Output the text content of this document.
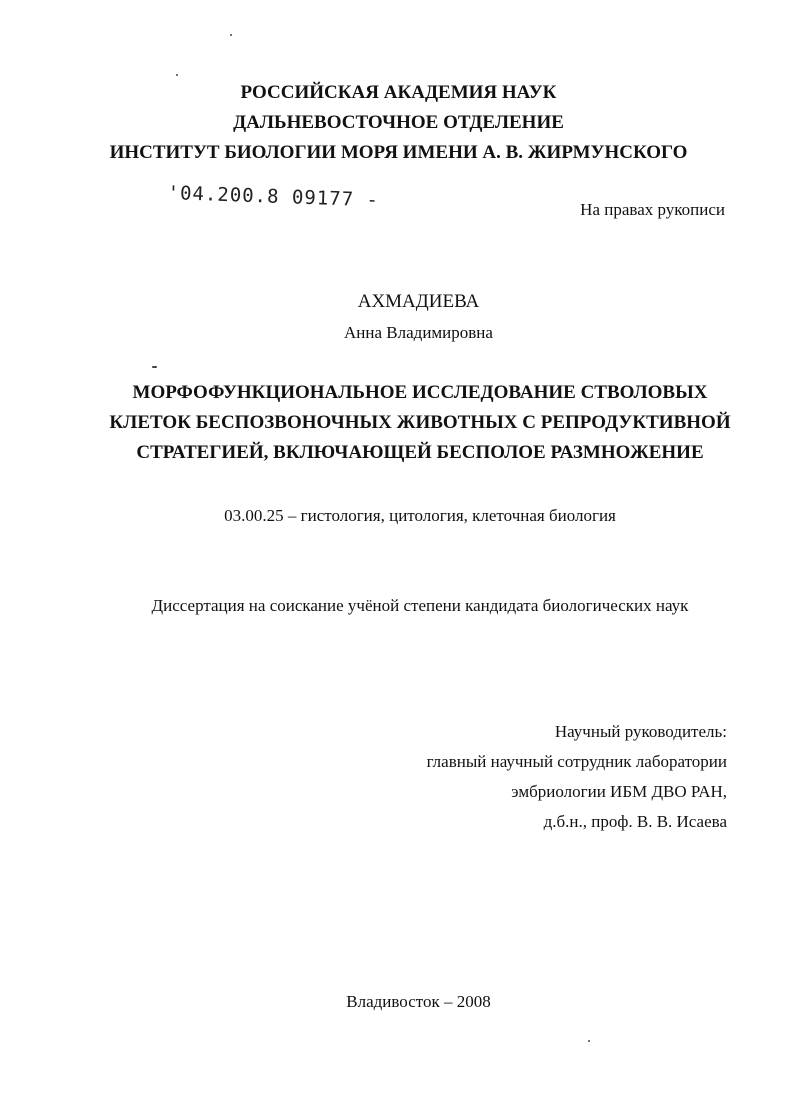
РОССИЙСКАЯ АКАДЕМИЯ НАУК
ДАЛЬНЕВОСТОЧНОЕ ОТДЕЛЕНИЕ
ИНСТИТУТ БИОЛОГИИ МОРЯ ИМЕНИ А. В. ЖИРМУНСКОГО
'04.200.8 09177 -	На правах рукописи
АХМАДИЕВА
Анна Владимировна
МОРФОФУНКЦИОНАЛЬНОЕ ИССЛЕДОВАНИЕ СТВОЛОВЫХ
КЛЕТОК БЕСПОЗВОНОЧНЫХ ЖИВОТНЫХ С РЕПРОДУКТИВНОЙ
СТРАТЕГИЕЙ, ВКЛЮЧАЮЩЕЙ БЕСПОЛОЕ РАЗМНОЖЕНИЕ
03.00.25 – гистология, цитология, клеточная биология
Диссертация на соискание учёной степени кандидата биологических наук
Научный руководитель:
главный научный сотрудник лаборатории
эмбриологии ИБМ ДВО РАН,
д.б.н., проф. В. В. Исаева
Владивосток – 2008
